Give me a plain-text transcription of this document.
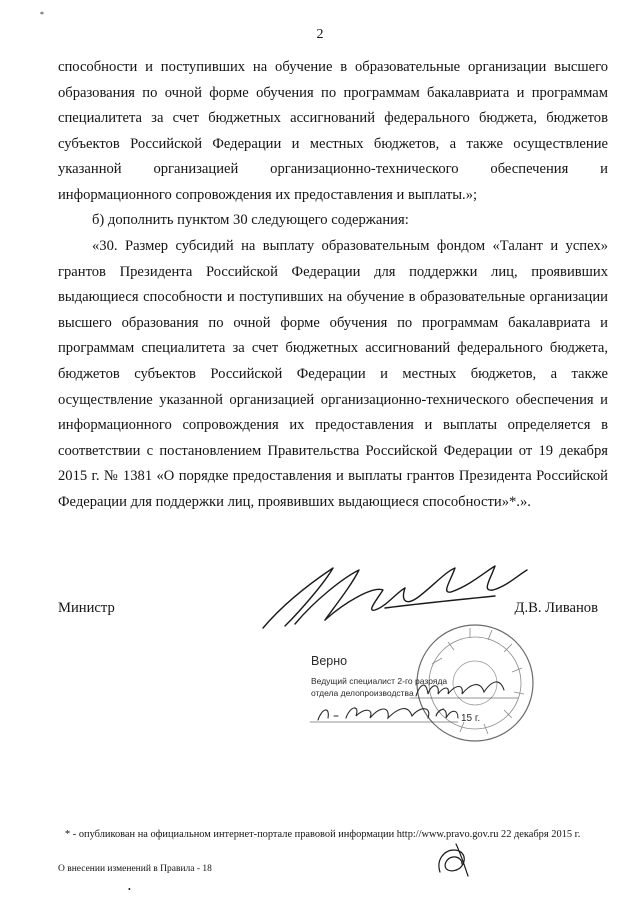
*
2

способности и поступивших на обучение в образовательные организации высшего образования по очной форме обучения по программам бакалавриата и программам специалитета за счет бюджетных ассигнований федерального бюджета, бюджетов субъектов Российской Федерации и местных бюджетов, а также осуществление указанной организацией организационно-технического обеспечения и информационного сопровождения их предоставления и выплаты.»;

б) дополнить пунктом 30 следующего содержания:

«30. Размер субсидий на выплату образовательным фондом «Талант и успех» грантов Президента Российской Федерации для поддержки лиц, проявивших выдающиеся способности и поступивших на обучение в образовательные организации высшего образования по очной форме обучения по программам бакалавриата и программам специалитета за счет бюджетных ассигнований федерального бюджета, бюджетов субъектов Российской Федерации и местных бюджетов, а также осуществление указанной организацией организационно-технического обеспечения и информационного сопровождения их предоставления и выплаты определяется в соответствии с постановлением Правительства Российской Федерации от 19 декабря 2015 г. № 1381 «О порядке предоставления и выплаты грантов Президента Российской Федерации для поддержки лиц, проявивших выдающиеся способности»*.».

Министр	Д.В. Ливанов
Верно
Ведущий специалист 2-го разряда
отдела делопроизводства
15 г.
* - опубликован на официальном интернет-портале правовой информации http://www.pravo.gov.ru 22 декабря 2015 г.
О внесении изменений в Правила - 18
•
